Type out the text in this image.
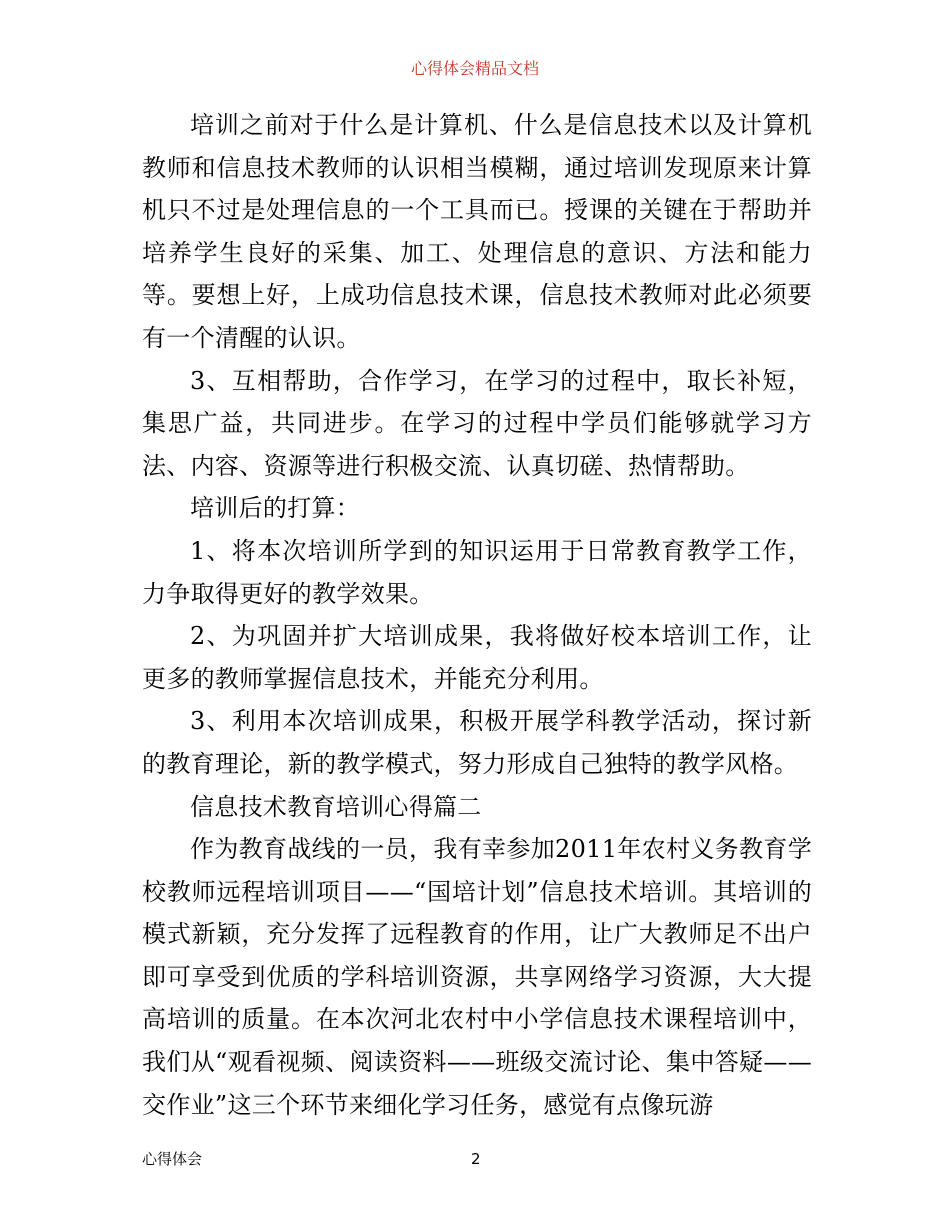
心得体会精品文档

培训之前对于什么是计算机、什么是信息技术以及计算机教师和信息技术教师的认识相当模糊，通过培训发现原来计算机只不过是处理信息的一个工具而已。授课的关键在于帮助并培养学生良好的采集、加工、处理信息的意识、方法和能力等。要想上好，上成功信息技术课，信息技术教师对此必须要有一个清醒的认识。

3、互相帮助，合作学习，在学习的过程中，取长补短，集思广益，共同进步。在学习的过程中学员们能够就学习方法、内容、资源等进行积极交流、认真切磋、热情帮助。

培训后的打算：

1、将本次培训所学到的知识运用于日常教育教学工作，力争取得更好的教学效果。

2、为巩固并扩大培训成果，我将做好校本培训工作，让更多的教师掌握信息技术，并能充分利用。

3、利用本次培训成果，积极开展学科教学活动，探讨新的教育理论，新的教学模式，努力形成自己独特的教学风格。

信息技术教育培训心得篇二

作为教育战线的一员，我有幸参加2011年农村义务教育学校教师远程培训项目——“国培计划”信息技术培训。其培训的模式新颖，充分发挥了远程教育的作用，让广大教师足不出户即可享受到优质的学科培训资源，共享网络学习资源，大大提高培训的质量。在本次河北农村中小学信息技术课程培训中，我们从“观看视频、阅读资料——班级交流讨论、集中答疑——交作业”这三个环节来细化学习任务，感觉有点像玩游

心得体会	2
